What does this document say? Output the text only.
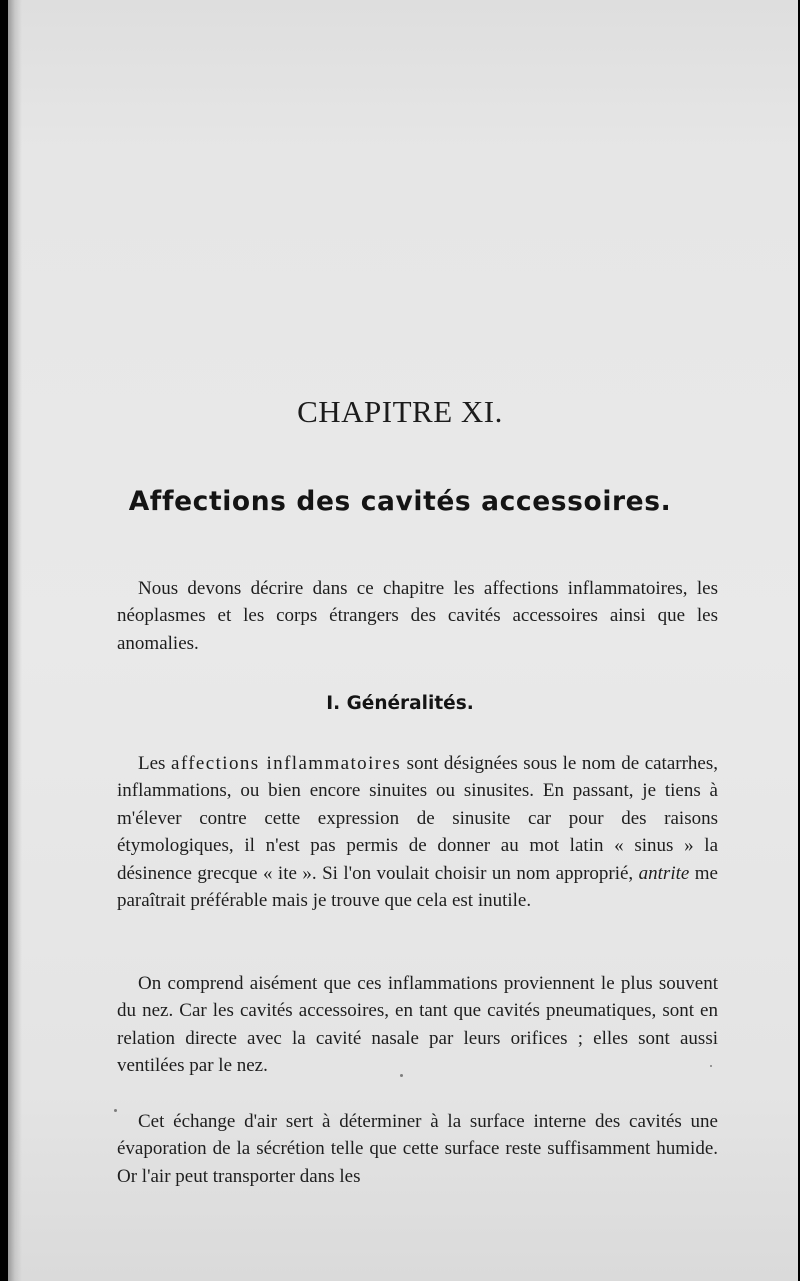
CHAPITRE XI.
Affections des cavités accessoires.

Nous devons décrire dans ce chapitre les affections inflammatoires, les néoplasmes et les corps étrangers des cavités accessoires ainsi que les anomalies.

I. Généralités.

Les affections inflammatoires sont désignées sous le nom de catarrhes, inflammations, ou bien encore sinuites ou sinusites. En passant, je tiens à m'élever contre cette expression de sinusite car pour des raisons étymologiques, il n'est pas permis de donner au mot latin « sinus » la désinence grecque « ite ». Si l'on voulait choisir un nom approprié, antrite me paraîtrait préférable mais je trouve que cela est inutile.

On comprend aisément que ces inflammations proviennent le plus souvent du nez. Car les cavités accessoires, en tant que cavités pneumatiques, sont en relation directe avec la cavité nasale par leurs orifices ; elles sont aussi ventilées par le nez.

Cet échange d'air sert à déterminer à la surface interne des cavités une évaporation de la sécrétion telle que cette surface reste suffisamment humide. Or l'air peut transporter dans les
